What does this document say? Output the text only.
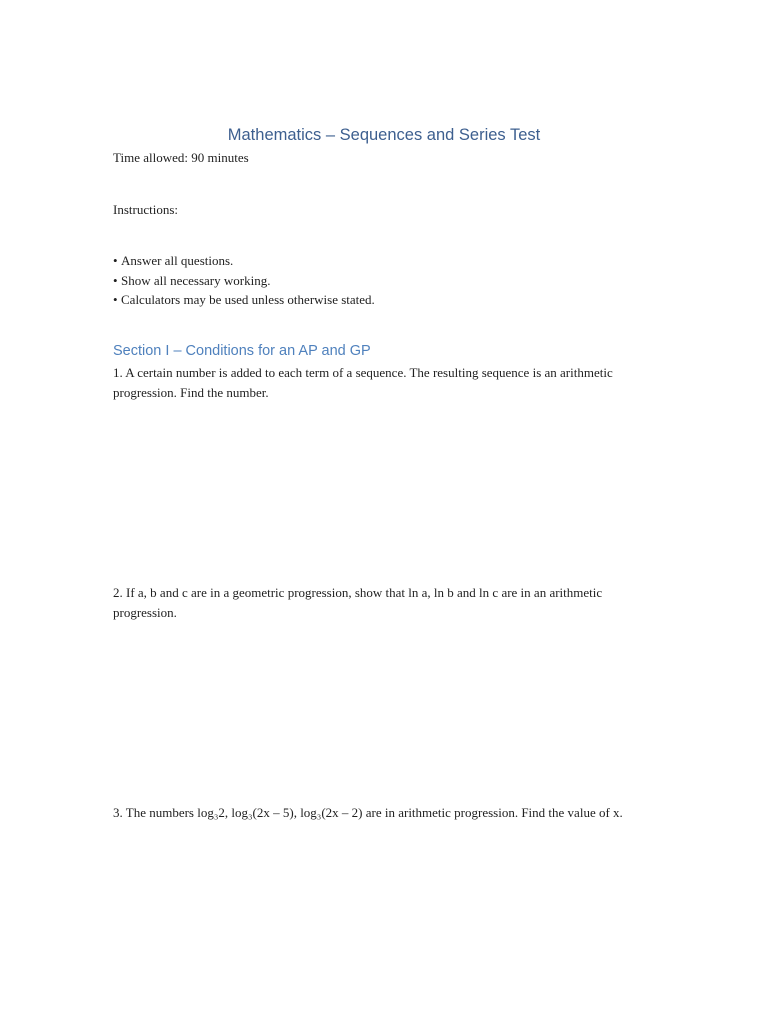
Mathematics – Sequences and Series Test
Time allowed: 90 minutes
Instructions:
• Answer all questions.
• Show all necessary working.
• Calculators may be used unless otherwise stated.
Section I – Conditions for an AP and GP
1. A certain number is added to each term of a sequence. The resulting sequence is an arithmetic progression. Find the number.
2. If a, b and c are in a geometric progression, show that ln a, ln b and ln c are in an arithmetic progression.
3. The numbers log₃2, log₃(2x – 5), log₃(2x – 2) are in arithmetic progression. Find the value of x.
